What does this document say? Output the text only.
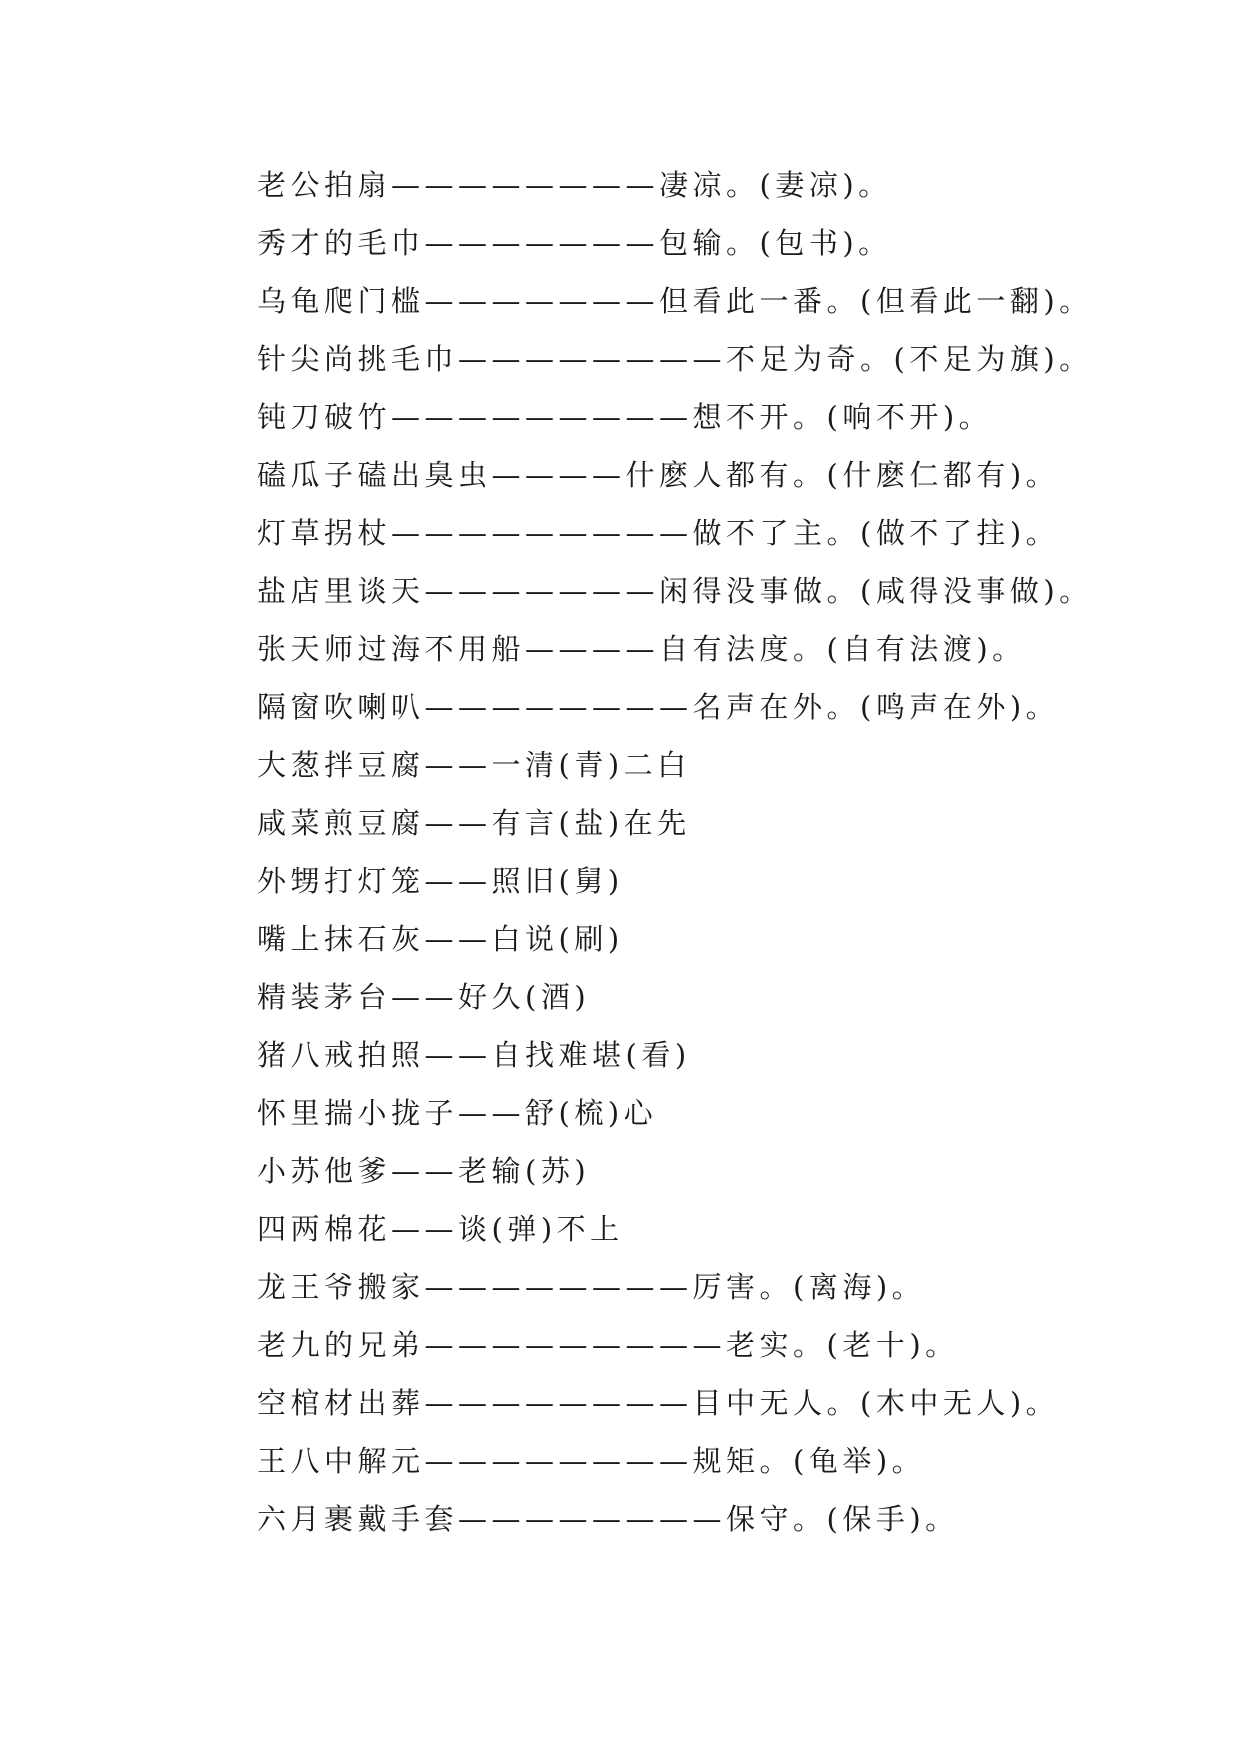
老公拍扇————————凄凉。(妻凉)。
秀才的毛巾———————包输。(包书)。
乌龟爬门槛———————但看此一番。(但看此一翻)。
针尖尚挑毛巾————————不足为奇。(不足为旗)。
钝刀破竹—————————想不开。(响不开)。
磕瓜子磕出臭虫————什麽人都有。(什麽仁都有)。
灯草拐杖—————————做不了主。(做不了拄)。
盐店里谈天———————闲得没事做。(咸得没事做)。
张天师过海不用船————自有法度。(自有法渡)。
隔窗吹喇叭————————名声在外。(鸣声在外)。
大葱拌豆腐——一清(青)二白
咸菜煎豆腐——有言(盐)在先
外甥打灯笼——照旧(舅)
嘴上抹石灰——白说(刷)
精装茅台——好久(酒)
猪八戒拍照——自找难堪(看)
怀里揣小拢子——舒(梳)心
小苏他爹——老输(苏)
四两棉花——谈(弹)不上
龙王爷搬家————————厉害。(离海)。
老九的兄弟—————————老实。(老十)。
空棺材出葬————————目中无人。(木中无人)。
王八中解元————————规矩。(龟举)。
六月裹戴手套————————保守。(保手)。
